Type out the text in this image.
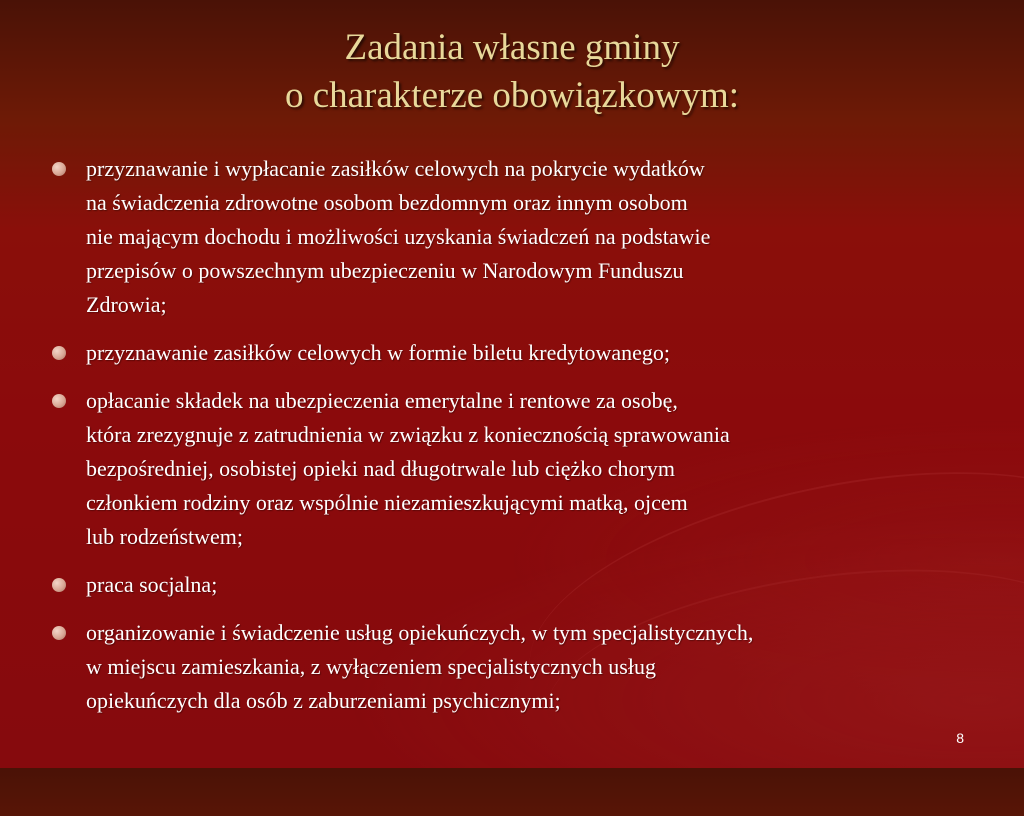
Zadania własne gminy
o charakterze obowiązkowym:
przyznawanie i wypłacanie zasiłków celowych na pokrycie wydatków
na świadczenia zdrowotne osobom bezdomnym oraz innym osobom
nie mającym dochodu i możliwości uzyskania świadczeń na podstawie
przepisów o powszechnym ubezpieczeniu w Narodowym Funduszu
Zdrowia;
przyznawanie zasiłków celowych w formie biletu kredytowanego;
opłacanie składek na ubezpieczenia emerytalne i rentowe za osobę,
która zrezygnuje z zatrudnienia w związku z koniecznością sprawowania
bezpośredniej, osobistej opieki nad długotrwale lub ciężko chorym
członkiem rodziny oraz wspólnie niezamieszkującymi matką, ojcem
lub rodzeństwem;
praca socjalna;
organizowanie i świadczenie usług opiekuńczych, w tym specjalistycznych,
w miejscu zamieszkania, z wyłączeniem specjalistycznych usług
opiekuńczych dla osób z zaburzeniami psychicznymi;
8
